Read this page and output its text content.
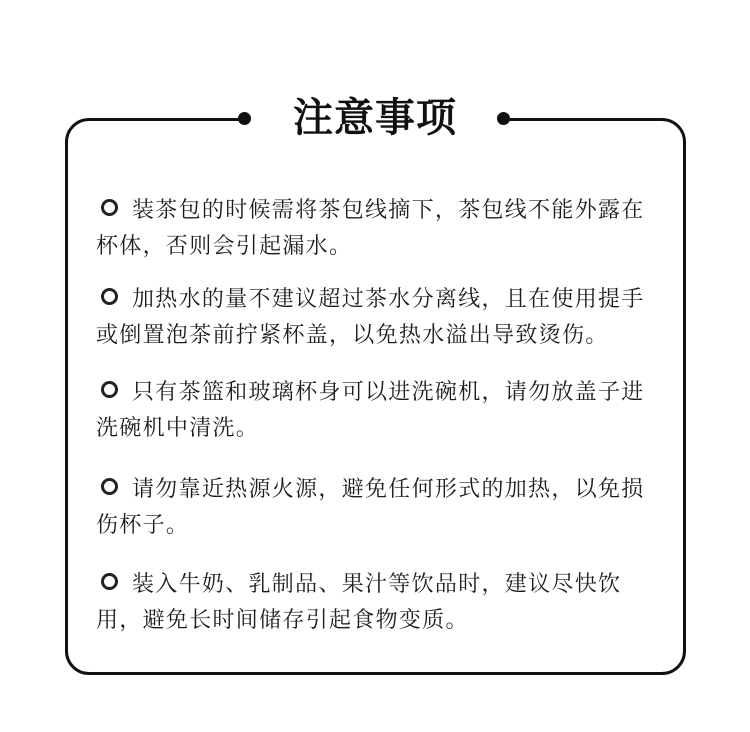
注意事项
装茶包的时候需将茶包线摘下，茶包线不能外露在杯体，否则会引起漏水。
加热水的量不建议超过茶水分离线，且在使用提手或倒置泡茶前拧紧杯盖，以免热水溢出导致烫伤。
只有茶篮和玻璃杯身可以进洗碗机，请勿放盖子进洗碗机中清洗。
请勿靠近热源火源，避免任何形式的加热，以免损伤杯子。
装入牛奶、乳制品、果汁等饮品时，建议尽快饮用，避免长时间储存引起食物变质。
